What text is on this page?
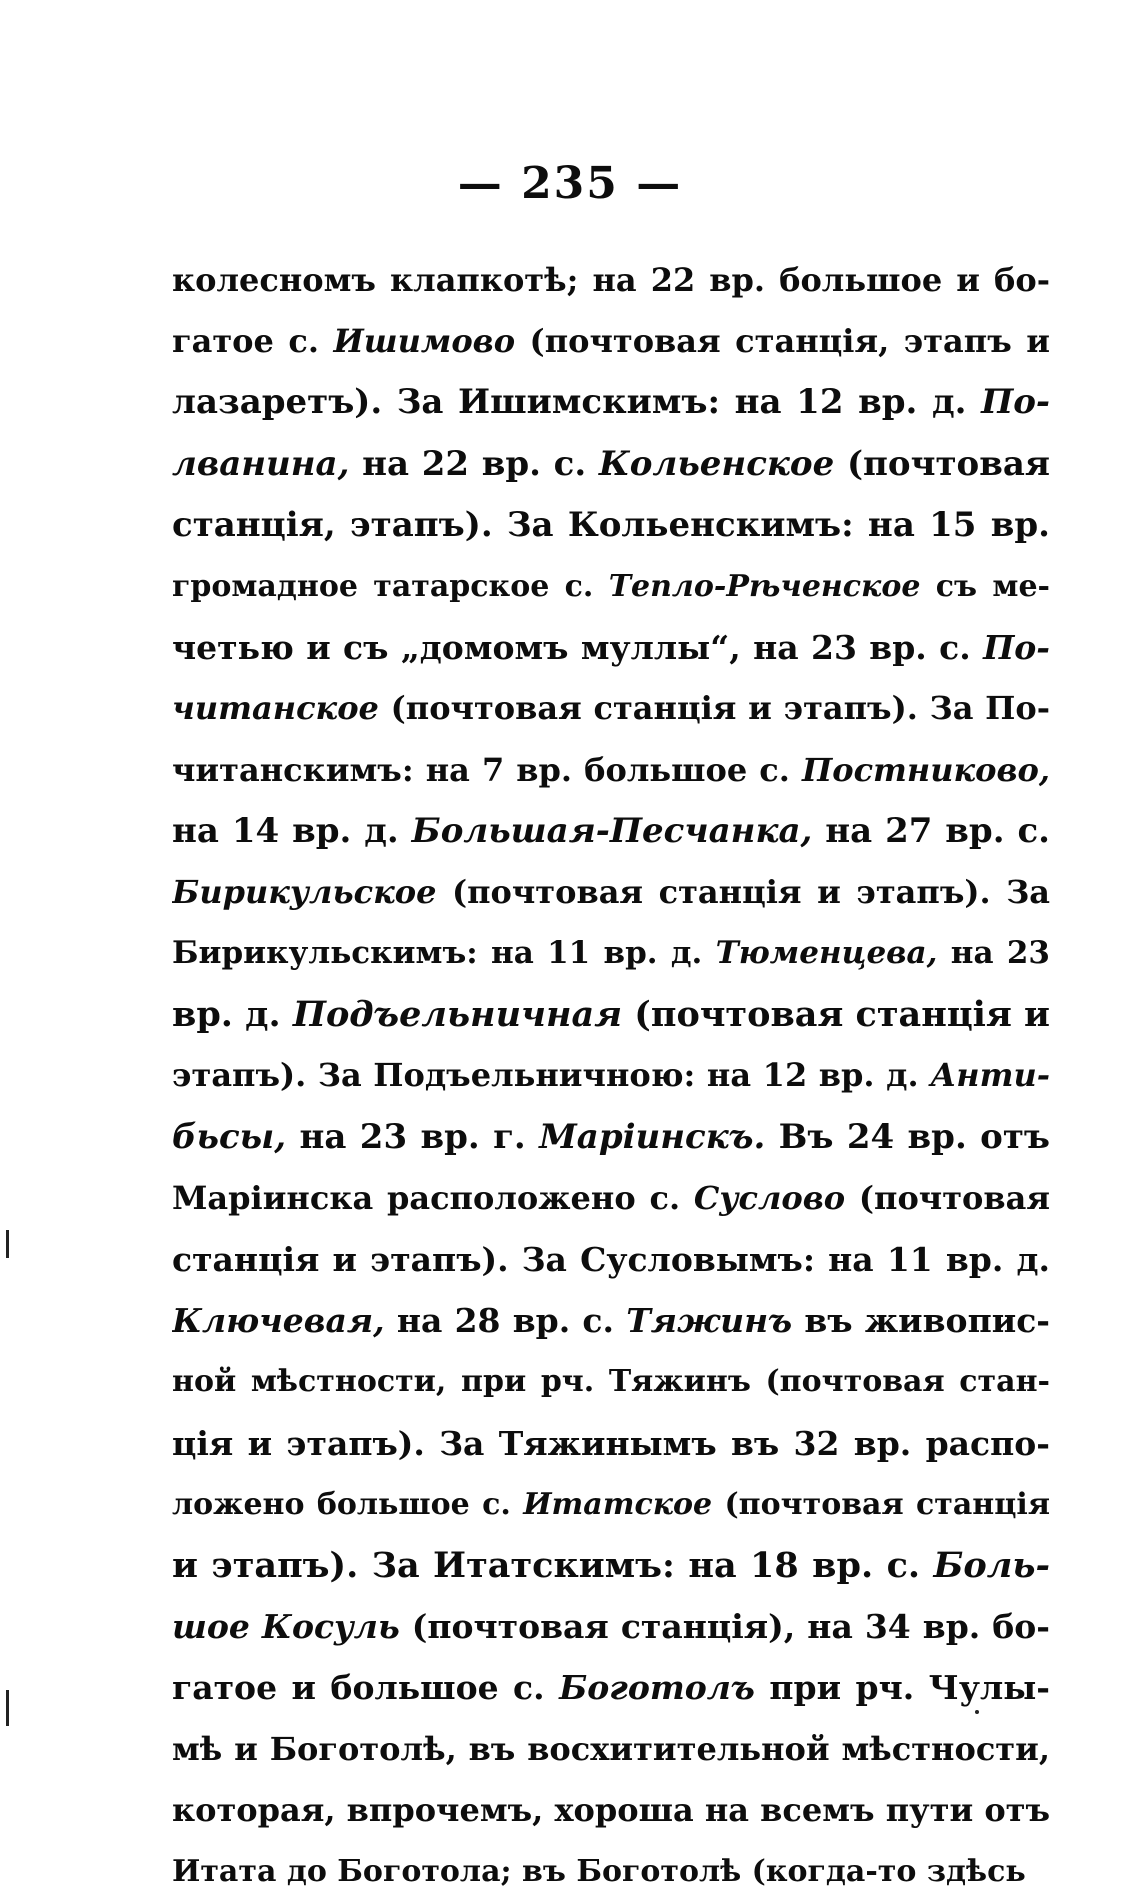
— 235 —
колесномъ клапкотѣ; на 22 вр. большое и бо-
гатое с. Ишимово (почтовая станція, этапъ и
лазаретъ). За Ишимскимъ: на 12 вр. д. По-
лванина, на 22 вр. с. Кольенское (почтовая
станція, этапъ). За Кольенскимъ: на 15 вр.
громадное татарское с. Тепло-Рѣченское съ ме-
четью и съ „домомъ муллы“, на 23 вр. с. По-
читанское (почтовая станція и этапъ). За По-
читанскимъ: на 7 вр. большое с. Постниково,
на 14 вр. д. Большая-Песчанка, на 27 вр. с.
Бирикульское (почтовая станція и этапъ). За
Бирикульскимъ: на 11 вр. д. Тюменцева, на 23
вр. д. Подъельничная (почтовая станція и
этапъ). За Подъельничною: на 12 вр. д. Анти-
бьсы, на 23 вр. г. Маріинскъ. Въ 24 вр. отъ
Маріинска расположено с. Суслово (почтовая
станція и этапъ). За Сусловымъ: на 11 вр. д.
Ключевая, на 28 вр. с. Тяжинъ въ живопис-
ной мѣстности, при рч. Тяжинъ (почтовая стан-
ція и этапъ). За Тяжинымъ въ 32 вр. распо-
ложено большое с. Итатское (почтовая станція
и этапъ). За Итатскимъ: на 18 вр. с. Боль-
шое Косуль (почтовая станція), на 34 вр. бо-
гатое и большое с. Боготолъ при рч. Чулы-
мѣ и Боготолѣ, въ восхитительной мѣстности,
которая, впрочемъ, хороша на всемъ пути отъ
Итата до Боготола; въ Боготолѣ (когда-то здѣсь
